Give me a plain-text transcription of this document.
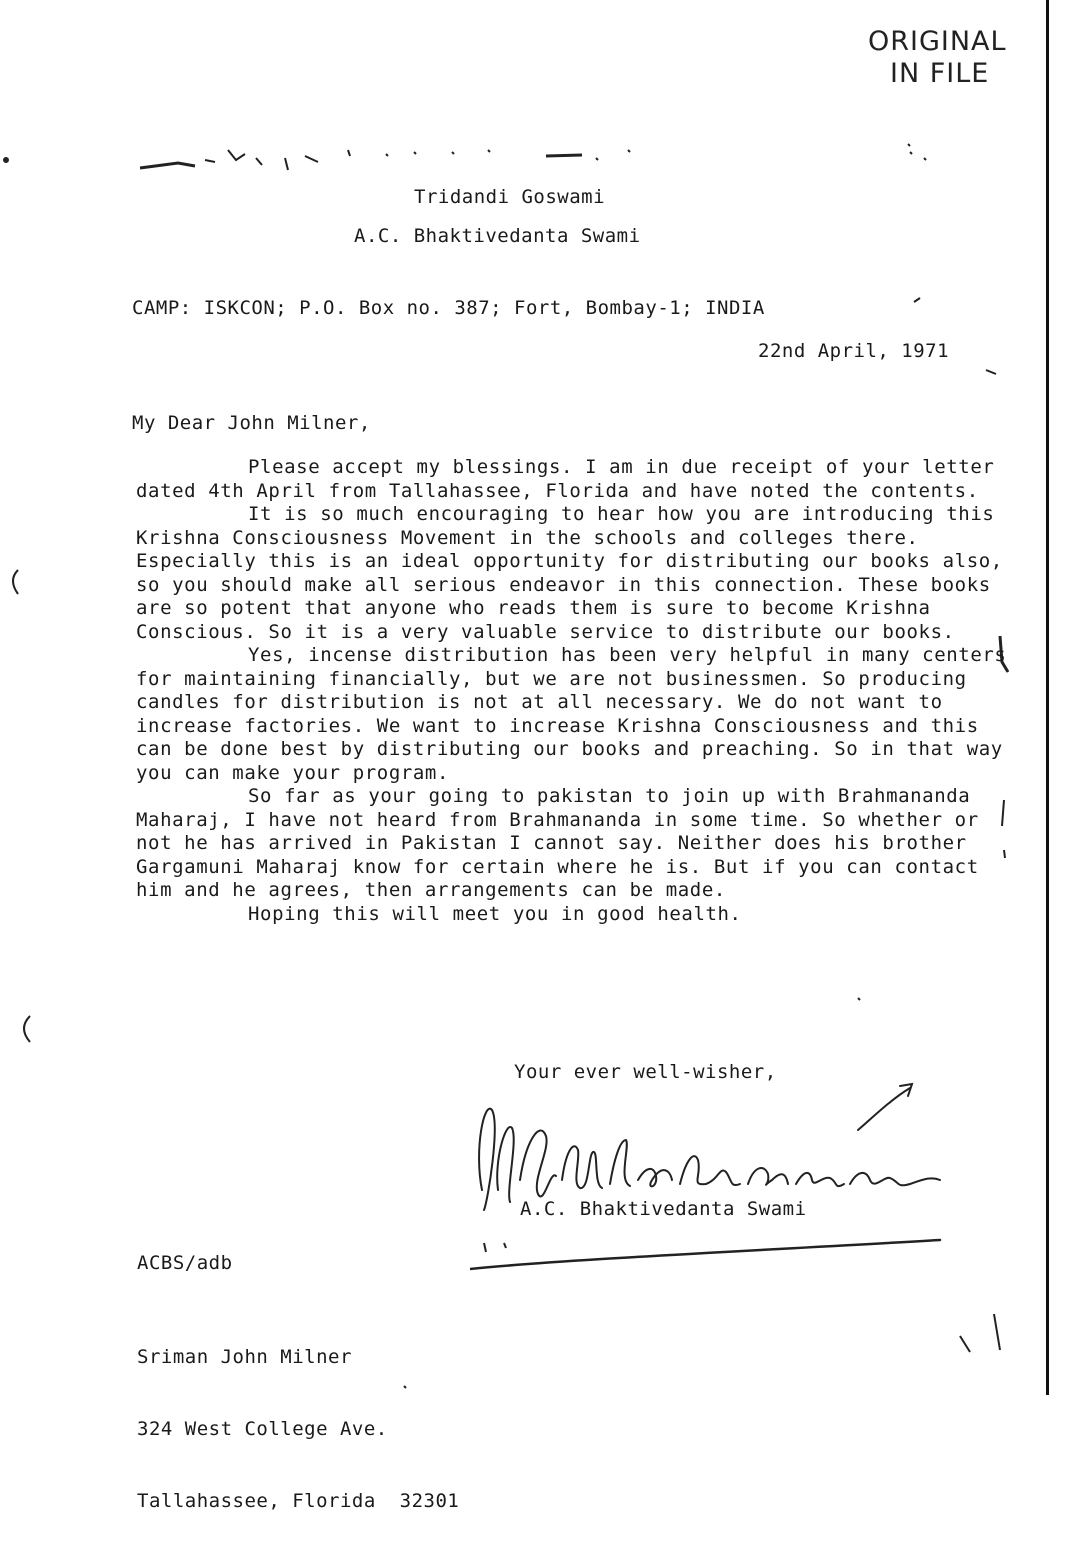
ORIGINAL
IN FILE
Tridandi Goswami
A.C. Bhaktivedanta Swami
CAMP: ISKCON; P.O. Box no. 387; Fort, Bombay-1; INDIA
22nd April, 1971
My Dear John Milner,

Please accept my blessings. I am in due receipt of your letter dated 4th April from Tallahassee, Florida and have noted the contents.

It is so much encouraging to hear how you are introducing this Krishna Consciousness Movement in the schools and colleges there. Especially this is an ideal opportunity for distributing our books also, so you should make all serious endeavor in this connection. These books are so potent that anyone who reads them is sure to become Krishna Conscious. So it is a very valuable service to distribute our books.

Yes, incense distribution has been very helpful in many centers for maintaining financially, but we are not businessmen. So producing candles for distribution is not at all necessary. We do not want to increase factories. We want to increase Krishna Consciousness and this can be done best by distributing our books and preaching. So in that way you can make your program.

So far as your going to pakistan to join up with Brahmananda Maharaj, I have not heard from Brahmananda in some time. So whether or not he has arrived in Pakistan I cannot say. Neither does his brother Gargamuni Maharaj know for certain where he is. But if you can contact him and he agrees, then arrangements can be made.

Hoping this will meet you in good health.

Your ever well-wisher,
A.C. Bhaktivedanta Swami
ACBS/adb

Sriman John Milner

324 West College Ave.

Tallahassee, Florida  32301
